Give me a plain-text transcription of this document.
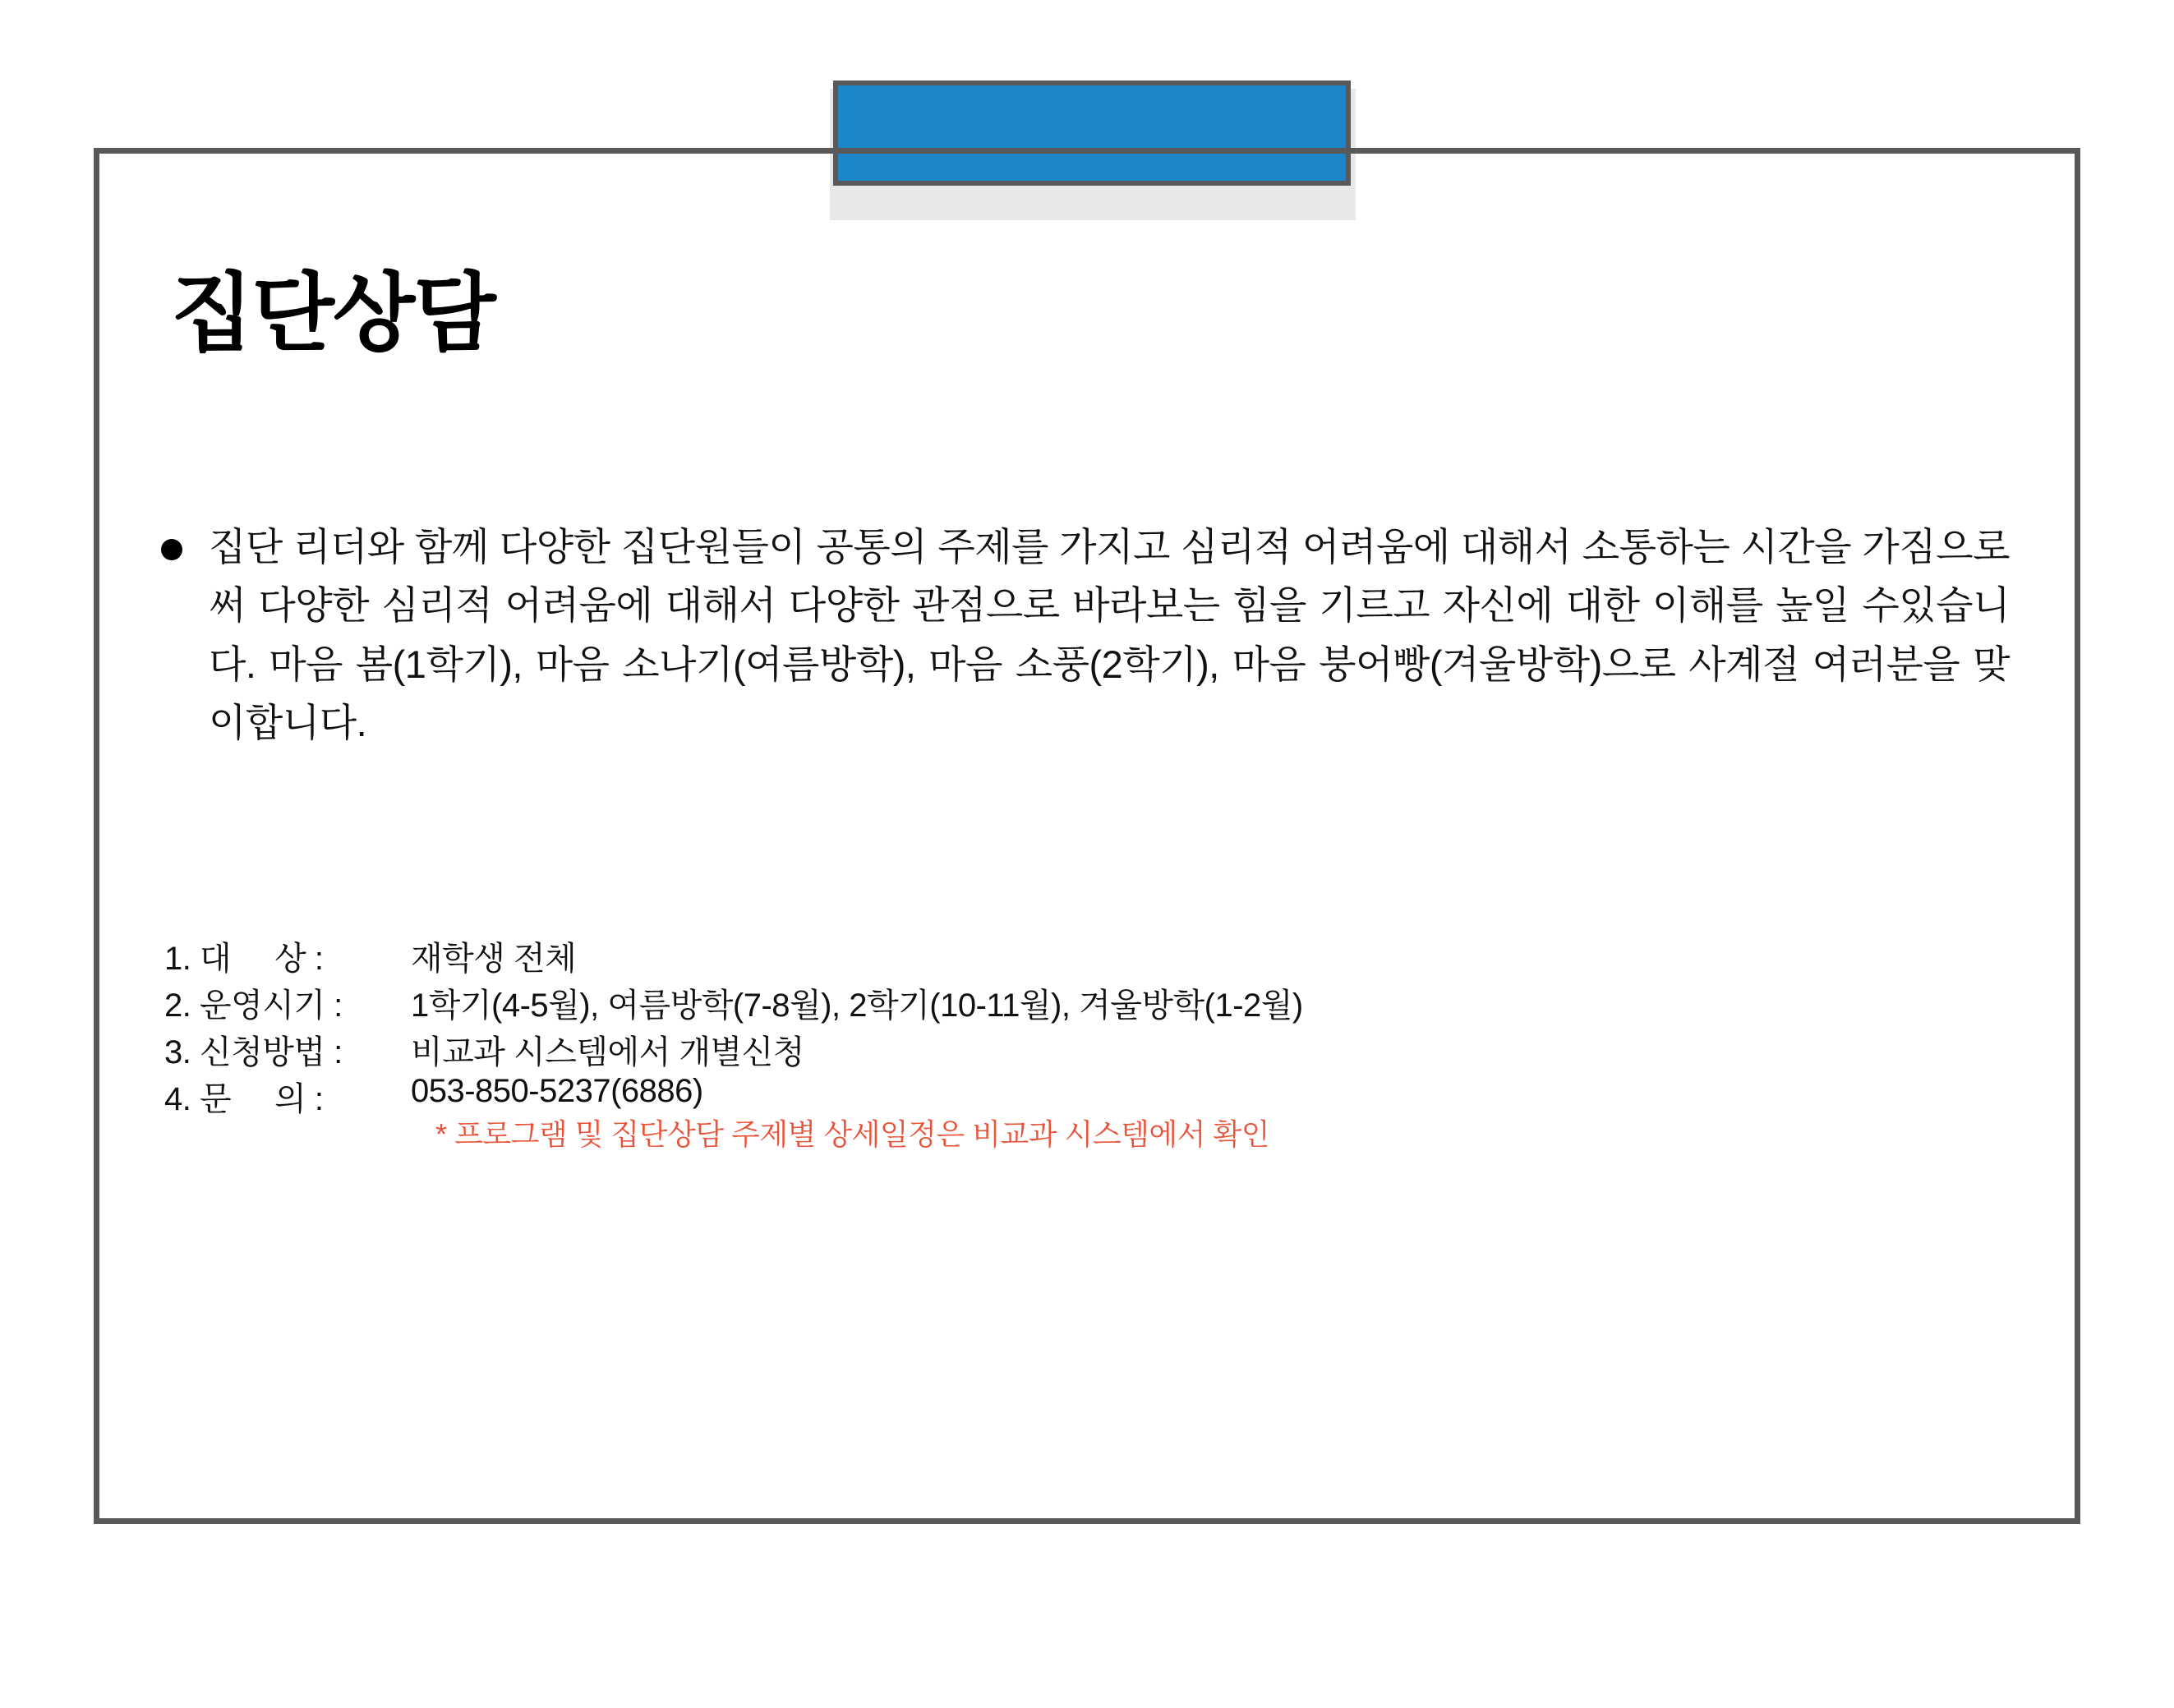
집단상담
집단 리더와 함께 다양한 집단원들이 공통의 주제를 가지고 심리적 어려움에 대해서 소통하는 시간을 가짐으로써 다양한 심리적 어려움에 대해서 다양한 관점으로 바라보는 힘을 기르고 자신에 대한 이해를 높일 수있습니다. 마음 봄(1학기), 마음 소나기(여름방학), 마음 소풍(2학기), 마음 붕어빵(겨울방학)으로 사계절 여러분을 맞이합니다.
1. 대     상 :	재학생 전체
2. 운영시기 :	1학기(4-5월), 여름방학(7-8월), 2학기(10-11월), 겨울방학(1-2월)
3. 신청방법 :	비교과 시스템에서 개별신청
4. 문     의 :	053-850-5237(6886)
* 프로그램 및 집단상담 주제별 상세일정은 비교과 시스템에서 확인
